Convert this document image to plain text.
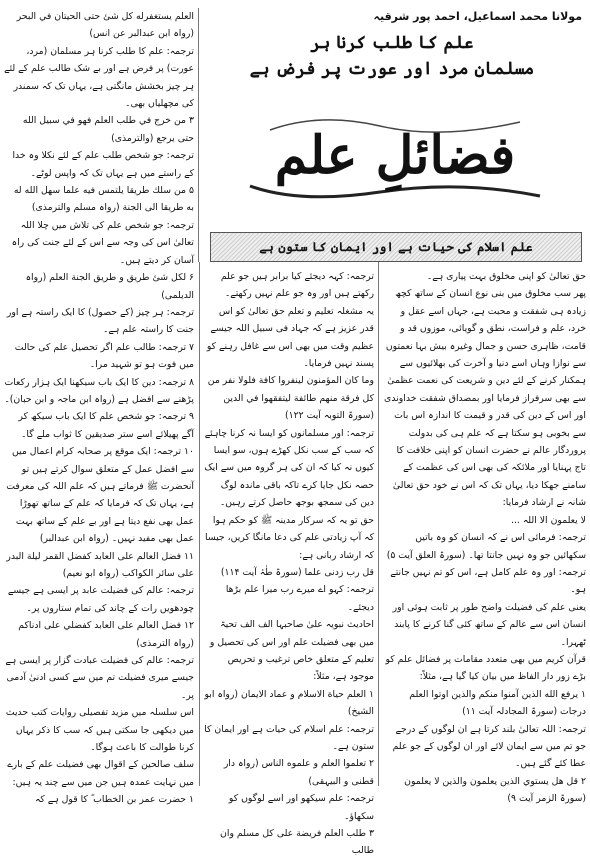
العلم يستغفرله كل شئ حتى الحيتان في البحر (رواہ ابن عبدالبر عن انس)

ترجمہ: علم کا طلب کرنا ہر مسلمان (مرد، عورت) پر فرض ہے اور بے شک طالب علم کے لئے ہر چیز بخشش مانگتی ہے، یہاں تک کہ سمندر کی مچھلیاں بھی۔

۳ من خرج في طلب العلم فهو في سبيل الله حتى يرجع (والترمذی)

ترجمہ: جو شخص طلب علم کے لئے نکلا وہ خدا کے راستے میں ہے یہاں تک کہ واپس لوٹے۔

۵ من سلك طريقا يلتمس فيه علما سهل الله له به طريقا الى الجنة (رواہ مسلم والترمذی)

ترجمہ: جو شخص علم کی تلاش میں چلا اللہ تعالیٰ اس کی وجہ سے اس کے لئے جنت کی راہ آسان کر دیتے ہیں۔

۶ لكل شئ طريق و طريق الجنة العلم (رواہ الدیلمی)

ترجمہ: ہر چیز (کے حصول) کا ایک راستہ ہے اور جنت کا راستہ علم ہے۔

۷ ترجمہ: طالب علم اگر تحصیل علم کی حالت میں فوت ہو تو شہید مرا۔

۸ ترجمہ: دین کا ایک باب سیکھنا ایک ہزار رکعات پڑھنے سے افضل ہے (رواہ ابن ماجہ و ابن حبان)۔

۹ ترجمہ: جو شخص علم کا ایک باب سیکھ کر آگے پھیلائے اسے ستر صدیقین کا ثواب ملے گا۔

۱۰ ترجمہ: ایک موقع پر صحابہ کرام اعمال میں سے افضل عمل کے متعلق سوال کرتے ہیں تو آنحضرت ﷺ فرماتے ہیں کہ علم اللہ کی معرفت ہے، یہاں تک کہ فرمایا کہ علم کے ساتھ تھوڑا عمل بھی نفع دیتا ہے اور بے علم کے ساتھ بہت عمل بھی مفید نہیں۔ (رواہ ابن عبدالبر)

۱۱ فضل العالم على العابد كفضل القمر ليلة البدر على سائر الكواكب (رواہ ابو نعیم)

ترجمہ: عالم کی فضیلت عابد پر ایسی ہے جیسے چودھویں رات کے چاند کی تمام ستاروں پر۔

۱۲ فضل العالم على العابد كفضلي على ادناكم (رواہ الترمذی)

ترجمہ: عالم کی فضیلت عبادت گزار پر ایسی ہے جیسے میری فضیلت تم میں سے کسی ادنیٰ آدمی پر۔

اس سلسلہ میں مزید تفصیلی روایات کتب حدیث میں دیکھی جا سکتی ہیں کہ سب کا ذکر یہاں کرنا طوالت کا باعث ہوگا۔

سلف صالحین کے اقوال بھی فضیلت علم کے بارے میں نہایت عمدہ ہیں جن میں سے چند یہ ہیں:

۱ حضرت عمر بن الخطاب ؓ کا قول ہے کہ

مولانا محمد اسماعیل، احمد پور شرقیہ
علم کا طلب کرنا ہر
مسلمان مرد اور عورت پر فرض ہے
فضائلِ علم
علم اسلام کی حیات ہے اور ایمان کا ستون ہے

ترجمہ: کہہ دیجئے کیا برابر ہیں جو علم رکھتے ہیں اور وہ جو علم نہیں رکھتے۔

یہ مشغلہ تعلیم و تعلم حق تعالیٰ کو اس قدر عزیز ہے کہ جہاد فی سبیل اللہ جیسے عظیم وقت میں بھی اس سے غافل رہنے کو پسند نہیں فرمایا۔

وما كان المؤمنون لينفروا كافة فلولا نفر من كل فرقة منهم طائفة ليتفقهوا في الدين (سورۃ التوبہ آیت ۱۲۲)

ترجمہ: اور مسلمانوں کو ایسا نہ کرنا چاہئے کہ سب کے سب نکل کھڑے ہوں، سو ایسا کیوں نہ کیا کہ ان کی ہر گروہ میں سے ایک حصہ نکل جایا کرے تاکہ باقی ماندہ لوگ دین کی سمجھ بوجھ حاصل کرتے رہیں۔

حق تو یہ کہ سرکار مدینہ ﷺ کو حکم ہوا کہ آپ زیادتی علم کی دعا مانگا کریں، جیسا کہ ارشاد ربانی ہے:

قل رب زدنی علما (سورۃ طٰہٰ آیت ۱۱۴)

ترجمہ: کہو اے میرے رب میرا علم بڑھا دیجئے۔

احادیث نبویہ علیٰ صاحبہا الف الف تحیۃ میں بھی فضیلت علم اور اس کی تحصیل و تعلیم کے متعلق خاص ترغیب و تحریص موجود ہے، مثلاً:

۱ العلم حياة الاسلام و عماد الايمان (رواہ ابو الشیخ)

ترجمہ: علم اسلام کی حیات ہے اور ایمان کا ستون ہے۔

۲ تعلموا العلم و علموه الناس (رواہ دار قطنی و البیہقی)

ترجمہ: علم سیکھو اور اسے لوگوں کو سکھاؤ۔

۳ طلب العلم فريضة على كل مسلم وان طالب

حق تعالیٰ کو اپنی مخلوق بہت پیاری ہے۔

پھر سب مخلوق میں بنی نوع انسان کے ساتھ کچھ زیادہ ہی شفقت و محبت ہے، جہاں اسے عقل و خرد، علم و فراست، نطق و گویائی، موزوں قد و قامت، ظاہری حسن و جمال وغیرہ بیش بہا نعمتوں سے نوازا وہاں اسے دنیا و آخرت کی بھلائیوں سے ہمکنار کرنے کے لئے دین و شریعت کی نعمت عظمیٰ سے بھی سرفراز فرمایا اور بمصداق شفقت خداوندی اور اس کے دین کی قدر و قیمت کا اندازہ اس بات سے بخوبی ہو سکتا ہے کہ علم ہی کی بدولت پروردگار عالم نے حضرت انسان کو اپنی خلافت کا تاج پہنایا اور ملائکہ کی بھی اس کی عظمت کے سامنے جھکا دیا، یہاں تک کہ اس نے خود حق تعالیٰ شانہ نے ارشاد فرمایا:

لا یعلمون الا اللہ ...

ترجمہ: فرمائی اس نے کہ انسان کو وہ باتیں سکھائیں جو وہ نہیں جانتا تھا۔ (سورۃ العلق آیت ۵)

ترجمہ: اور وہ علم کامل ہے، اس کو تم نہیں جانتے ہو۔

یعنی علم کی فضیلت واضح طور پر ثابت ہوئی اور انسان اس سے عالم کے ساتھ کئی گنا کرنے کا پابند ٹھہرا۔

قرآن کریم میں بھی متعدد مقامات پر فضائل علم کو بڑے زور دار الفاظ میں بیان کیا گیا ہے، مثلاً:

۱ يرفع الله الذين آمنوا منكم والذين اوتوا العلم درجات (سورۃ المجادلہ آیت ۱۱)

ترجمہ: اللہ تعالیٰ بلند کرتا ہے ان لوگوں کے درجے جو تم میں سے ایمان لائے اور ان لوگوں کے جو علم عطا کئے گئے ہیں۔

۲ قل هل يستوي الذين يعلمون والذين لا يعلمون (سورۃ الزمر آیت ۹)
